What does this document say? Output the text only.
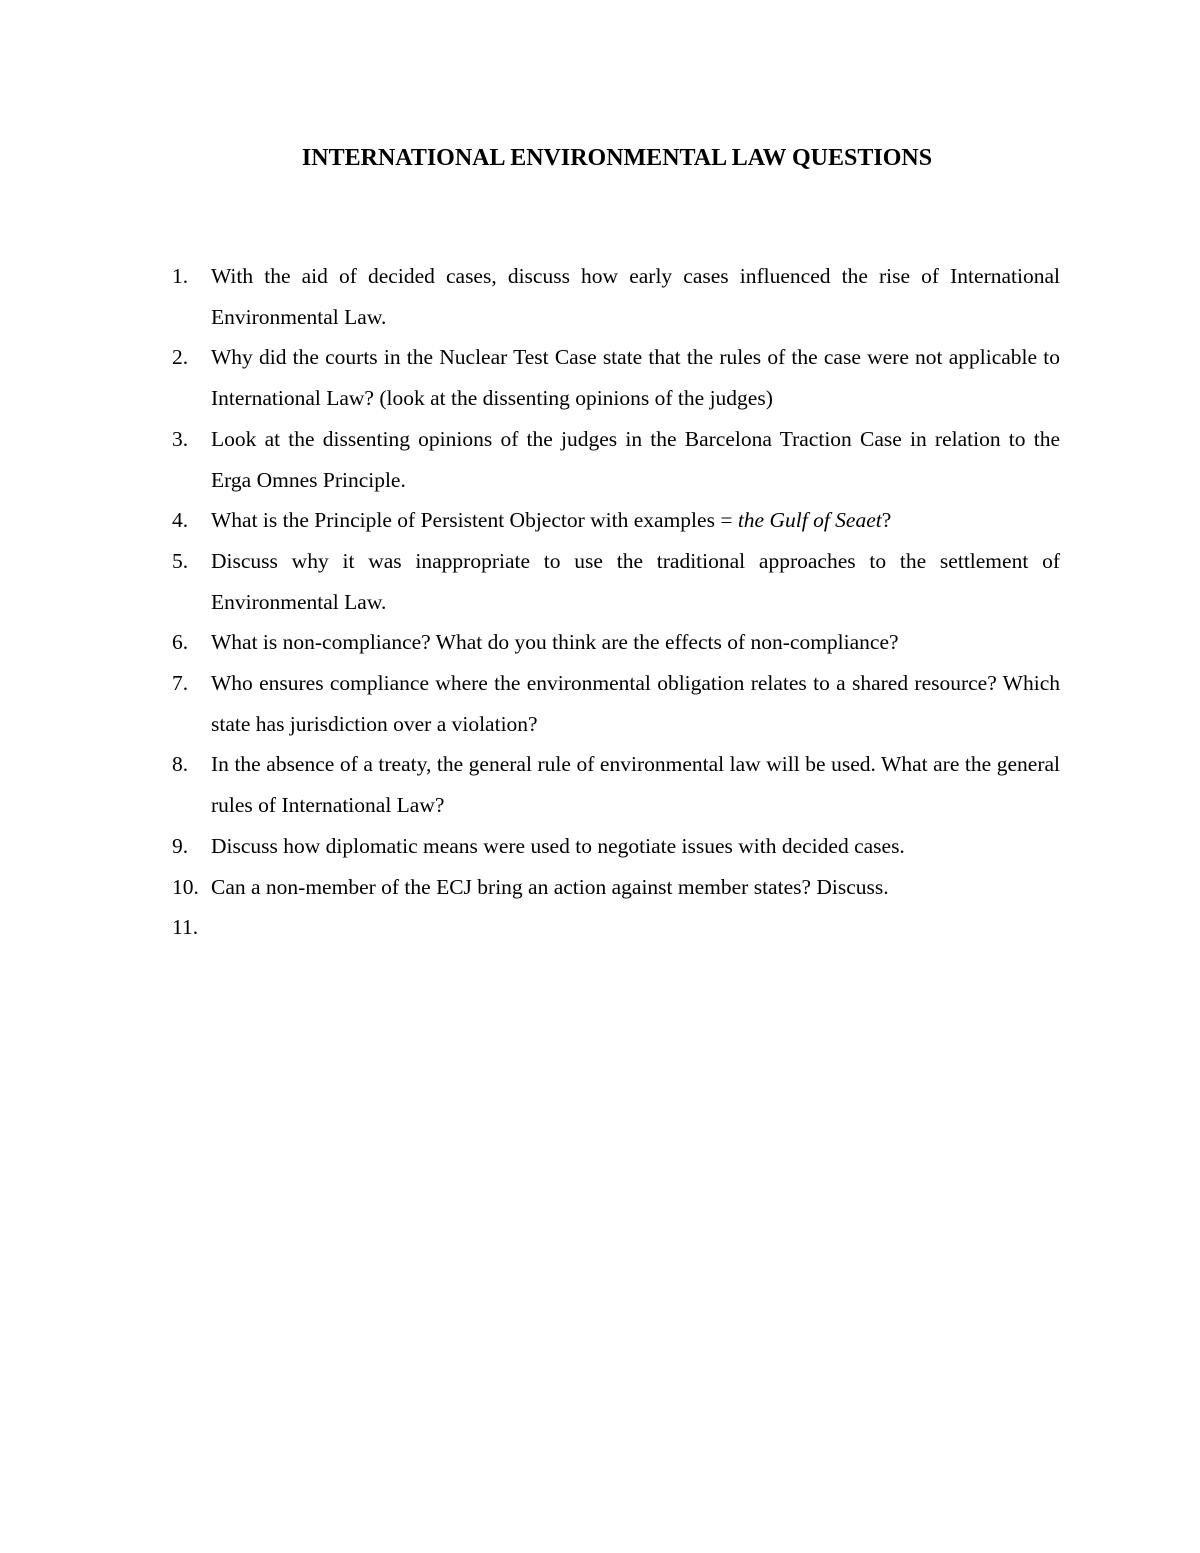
INTERNATIONAL ENVIRONMENTAL LAW QUESTIONS
1.	With the aid of decided cases, discuss how early cases influenced the rise of International Environmental Law.
2.	Why did the courts in the Nuclear Test Case state that the rules of the case were not applicable to International Law? (look at the dissenting opinions of the judges)
3.	Look at the dissenting opinions of the judges in the Barcelona Traction Case in relation to the Erga Omnes Principle.
4.	What is the Principle of Persistent Objector with examples = the Gulf of Seaet?
5.	Discuss why it was inappropriate to use the traditional approaches to the settlement of Environmental Law.
6.	What is non-compliance? What do you think are the effects of non-compliance?
7.	Who ensures compliance where the environmental obligation relates to a shared resource? Which state has jurisdiction over a violation?
8.	In the absence of a treaty, the general rule of environmental law will be used. What are the general rules of International Law?
9.	Discuss how diplomatic means were used to negotiate issues with decided cases.
10. Can a non-member of the ECJ bring an action against member states? Discuss.
11.
